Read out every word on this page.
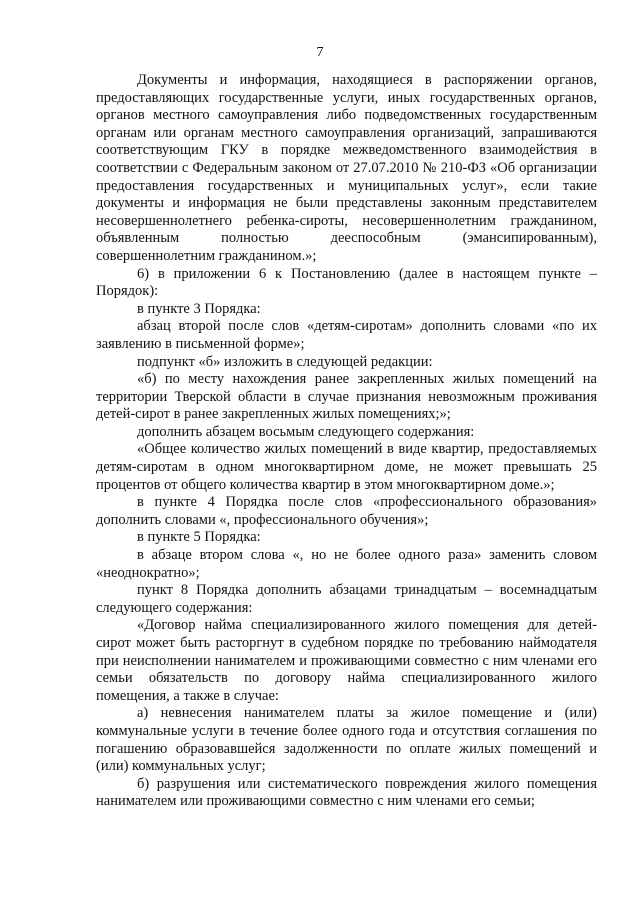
7

Документы и информация, находящиеся в распоряжении органов, предоставляющих государственные услуги, иных государственных органов, органов местного самоуправления либо подведомственных государственным органам или органам местного самоуправления организаций, запрашиваются соответствующим ГКУ в порядке межведомственного взаимодействия в соответствии с Федеральным законом от 27.07.2010 № 210-ФЗ «Об организации предоставления государственных и муниципальных услуг», если такие документы и информация не были представлены законным представителем несовершеннолетнего ребенка-сироты, несовершеннолетним гражданином, объявленным полностью дееспособным (эмансипированным), совершеннолетним гражданином.»;

6) в приложении 6 к Постановлению (далее в настоящем пункте – Порядок):

в пункте 3 Порядка:

абзац второй после слов «детям-сиротам» дополнить словами «по их заявлению в письменной форме»;

подпункт «б» изложить в следующей редакции:

«б) по месту нахождения ранее закрепленных жилых помещений на территории Тверской области в случае признания невозможным проживания детей-сирот в ранее закрепленных жилых помещениях;»;

дополнить абзацем восьмым следующего содержания:

«Общее количество жилых помещений в виде квартир, предоставляемых детям-сиротам в одном многоквартирном доме, не может превышать 25 процентов от общего количества квартир в этом многоквартирном доме.»;

в пункте 4 Порядка после слов «профессионального образования» дополнить словами «, профессионального обучения»;

в пункте 5 Порядка:

в абзаце втором слова «, но не более одного раза» заменить словом «неоднократно»;

пункт 8 Порядка дополнить абзацами тринадцатым – восемнадцатым следующего содержания:

«Договор найма специализированного жилого помещения для детей-сирот может быть расторгнут в судебном порядке по требованию наймодателя при неисполнении нанимателем и проживающими совместно с ним членами его семьи обязательств по договору найма специализированного жилого помещения, а также в случае:

а) невнесения нанимателем платы за жилое помещение и (или) коммунальные услуги в течение более одного года и отсутствия соглашения по погашению образовавшейся задолженности по оплате жилых помещений и (или) коммунальных услуг;

б) разрушения или систематического повреждения жилого помещения нанимателем или проживающими совместно с ним членами его семьи;
